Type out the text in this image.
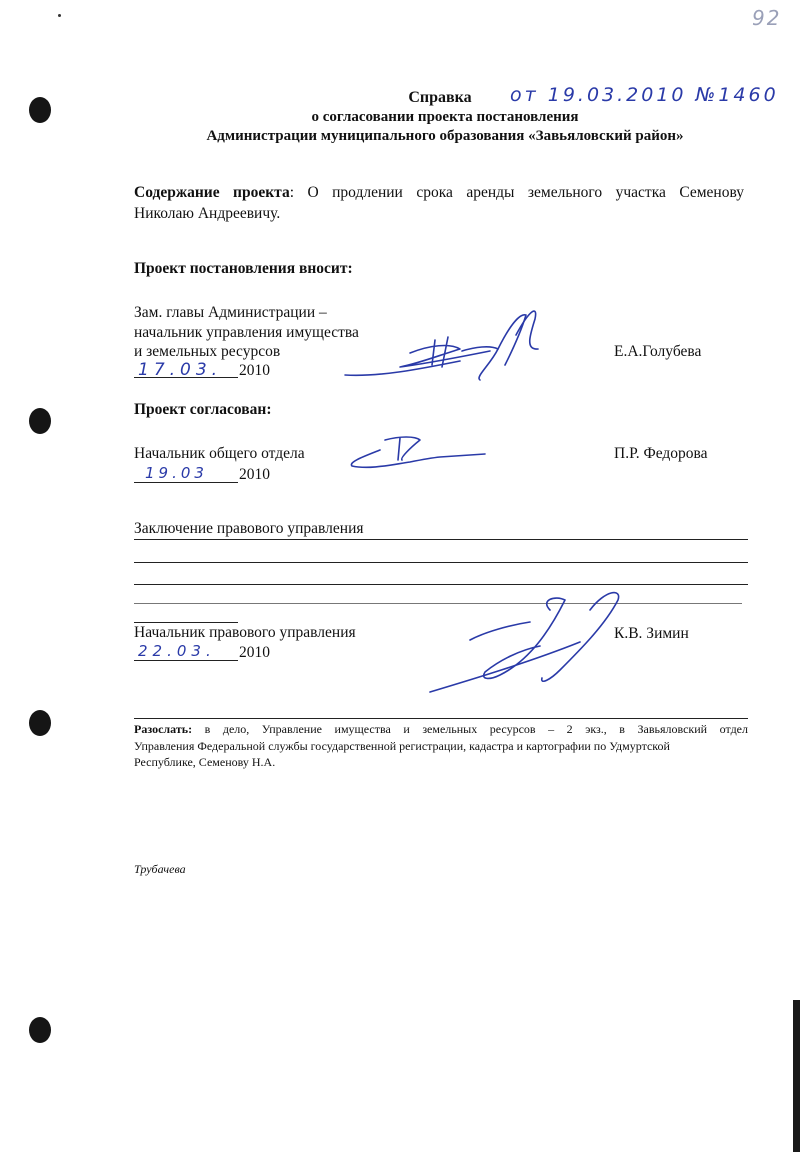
92
Справка	от 19.03.2010 №1460
о согласовании проекта постановления
Администрации муниципального образования «Завьяловский район»
Содержание проекта: О продлении срока аренды земельного участка Семенову
Николаю Андреевичу.
Проект постановления вносит:
Зам. главы Администрации –
начальник управления имущества
и земельных ресурсов
17.03. 2010
Е.А.Голубева
Проект согласован:
Начальник общего отдела
19.03 2010
П.Р. Федорова
Заключение правового управления
Начальник правового управления
22.03. 2010
К.В. Зимин
Разослать: в дело, Управление имущества и земельных ресурсов – 2 экз., в Завьяловский отдел
Управления Федеральной службы государственной регистрации, кадастра и картографии по Удмуртской
Республике, Семенову Н.А.
Трубачева
